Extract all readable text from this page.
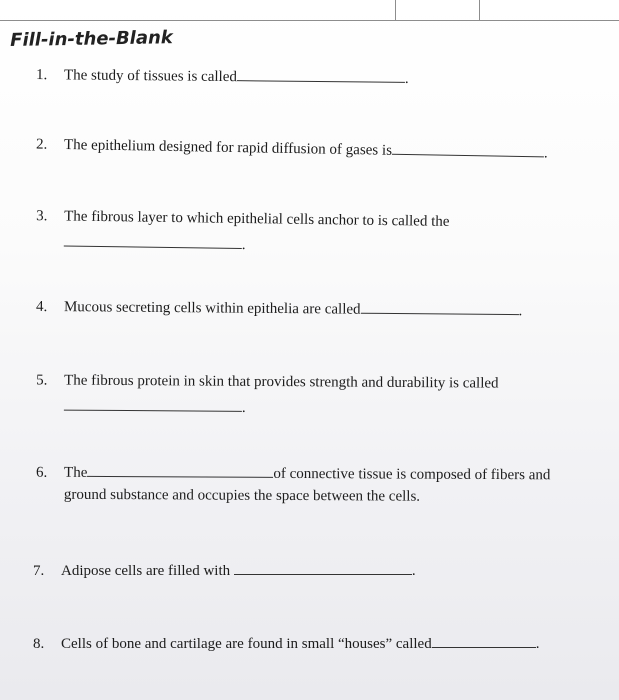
Fill-in-the-Blank
1. The study of tissues is called	.
2. The epithelium designed for rapid diffusion of gases is	.
3. The fibrous layer to which epithelial cells anchor to is called the
.
4. Mucous secreting cells within epithelia are called	.
5. The fibrous protein in skin that provides strength and durability is called
.
6. The	of connective tissue is composed of fibers and
ground substance and occupies the space between the cells.
7. Adipose cells are filled with	.
8. Cells of bone and cartilage are found in small “houses” called	.
